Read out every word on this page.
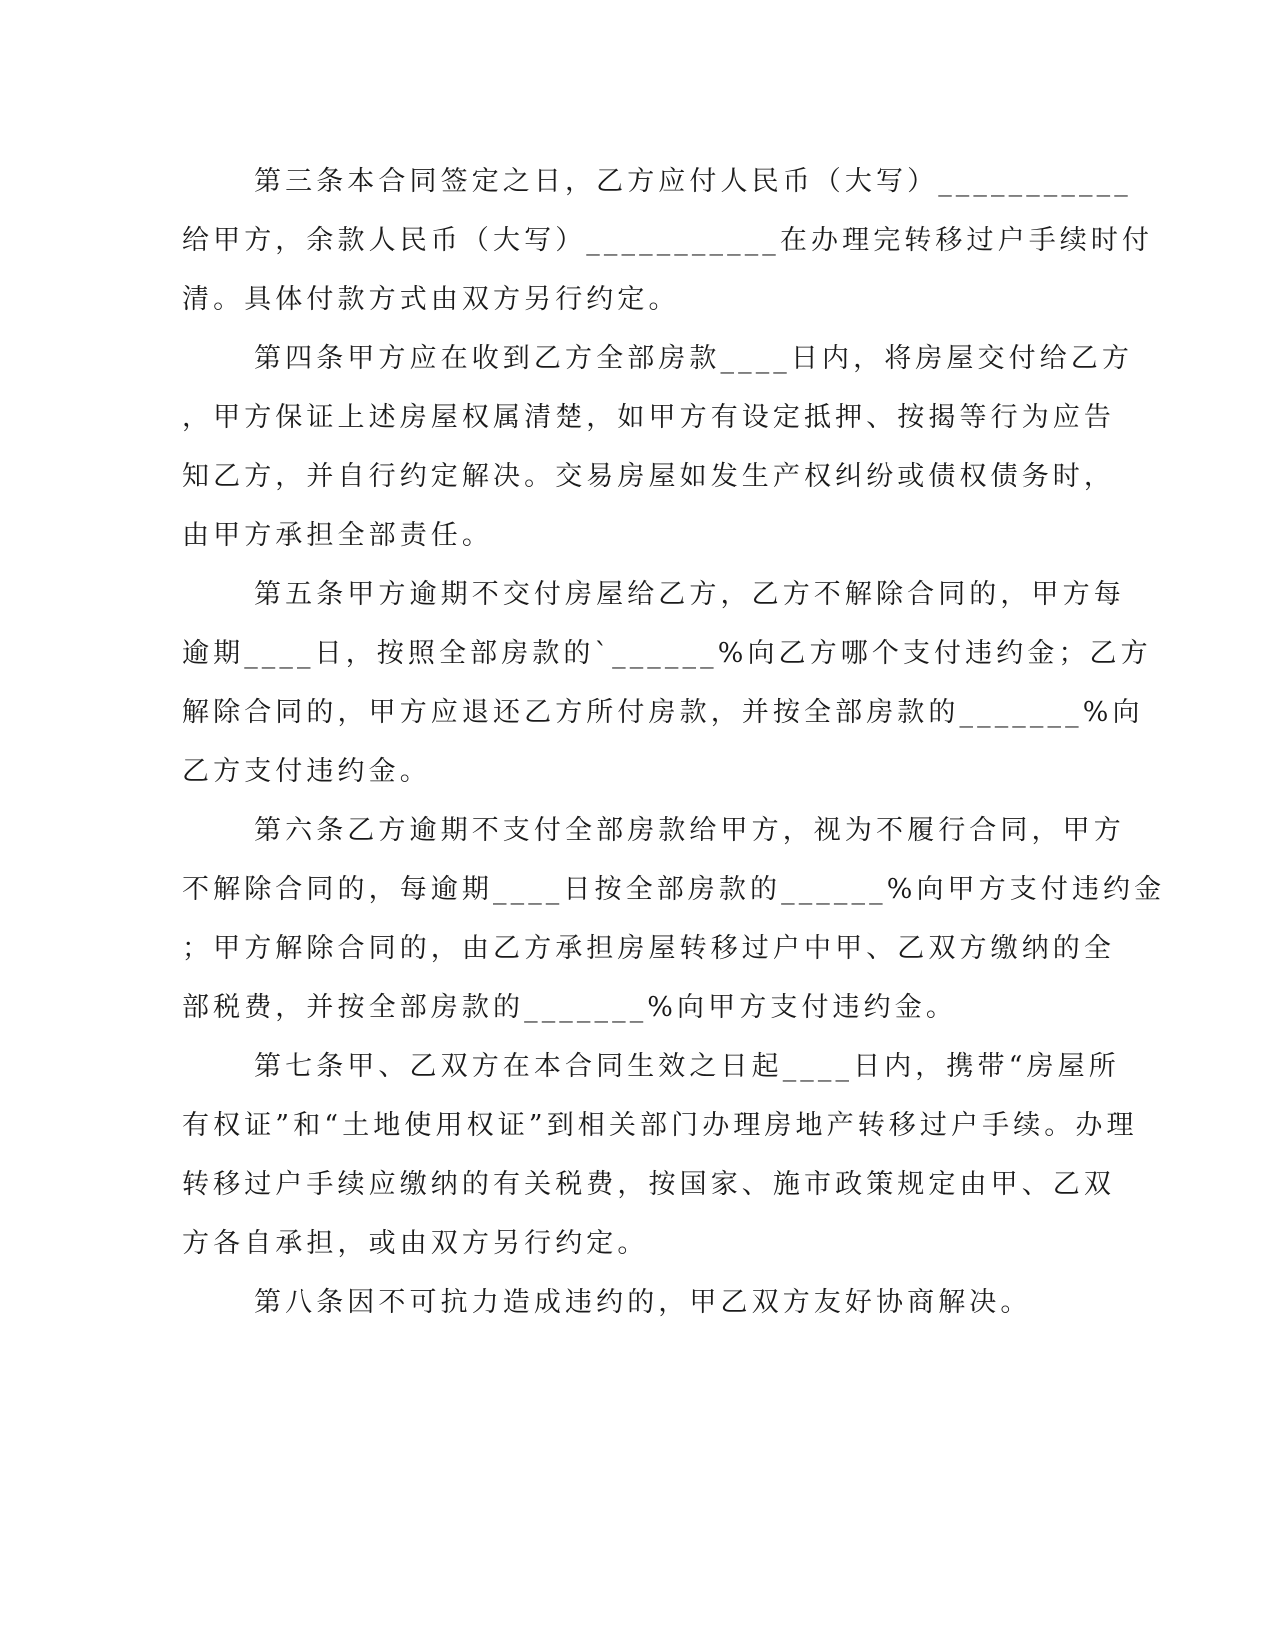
第三条本合同签定之日，乙方应付人民币（大写）___________
给甲方，余款人民币（大写）___________在办理完转移过户手续时付
清。具体付款方式由双方另行约定。
第四条甲方应在收到乙方全部房款____日内，将房屋交付给乙方
，甲方保证上述房屋权属清楚，如甲方有设定抵押、按揭等行为应告
知乙方，并自行约定解决。交易房屋如发生产权纠纷或债权债务时，
由甲方承担全部责任。
第五条甲方逾期不交付房屋给乙方，乙方不解除合同的，甲方每
逾期____日，按照全部房款的`______%向乙方哪个支付违约金；乙方
解除合同的，甲方应退还乙方所付房款，并按全部房款的_______%向
乙方支付违约金。
第六条乙方逾期不支付全部房款给甲方，视为不履行合同，甲方
不解除合同的，每逾期____日按全部房款的______%向甲方支付违约金
；甲方解除合同的，由乙方承担房屋转移过户中甲、乙双方缴纳的全
部税费，并按全部房款的_______%向甲方支付违约金。
第七条甲、乙双方在本合同生效之日起____日内，携带“房屋所
有权证”和“土地使用权证”到相关部门办理房地产转移过户手续。办理
转移过户手续应缴纳的有关税费，按国家、施市政策规定由甲、乙双
方各自承担，或由双方另行约定。
第八条因不可抗力造成违约的，甲乙双方友好协商解决。
